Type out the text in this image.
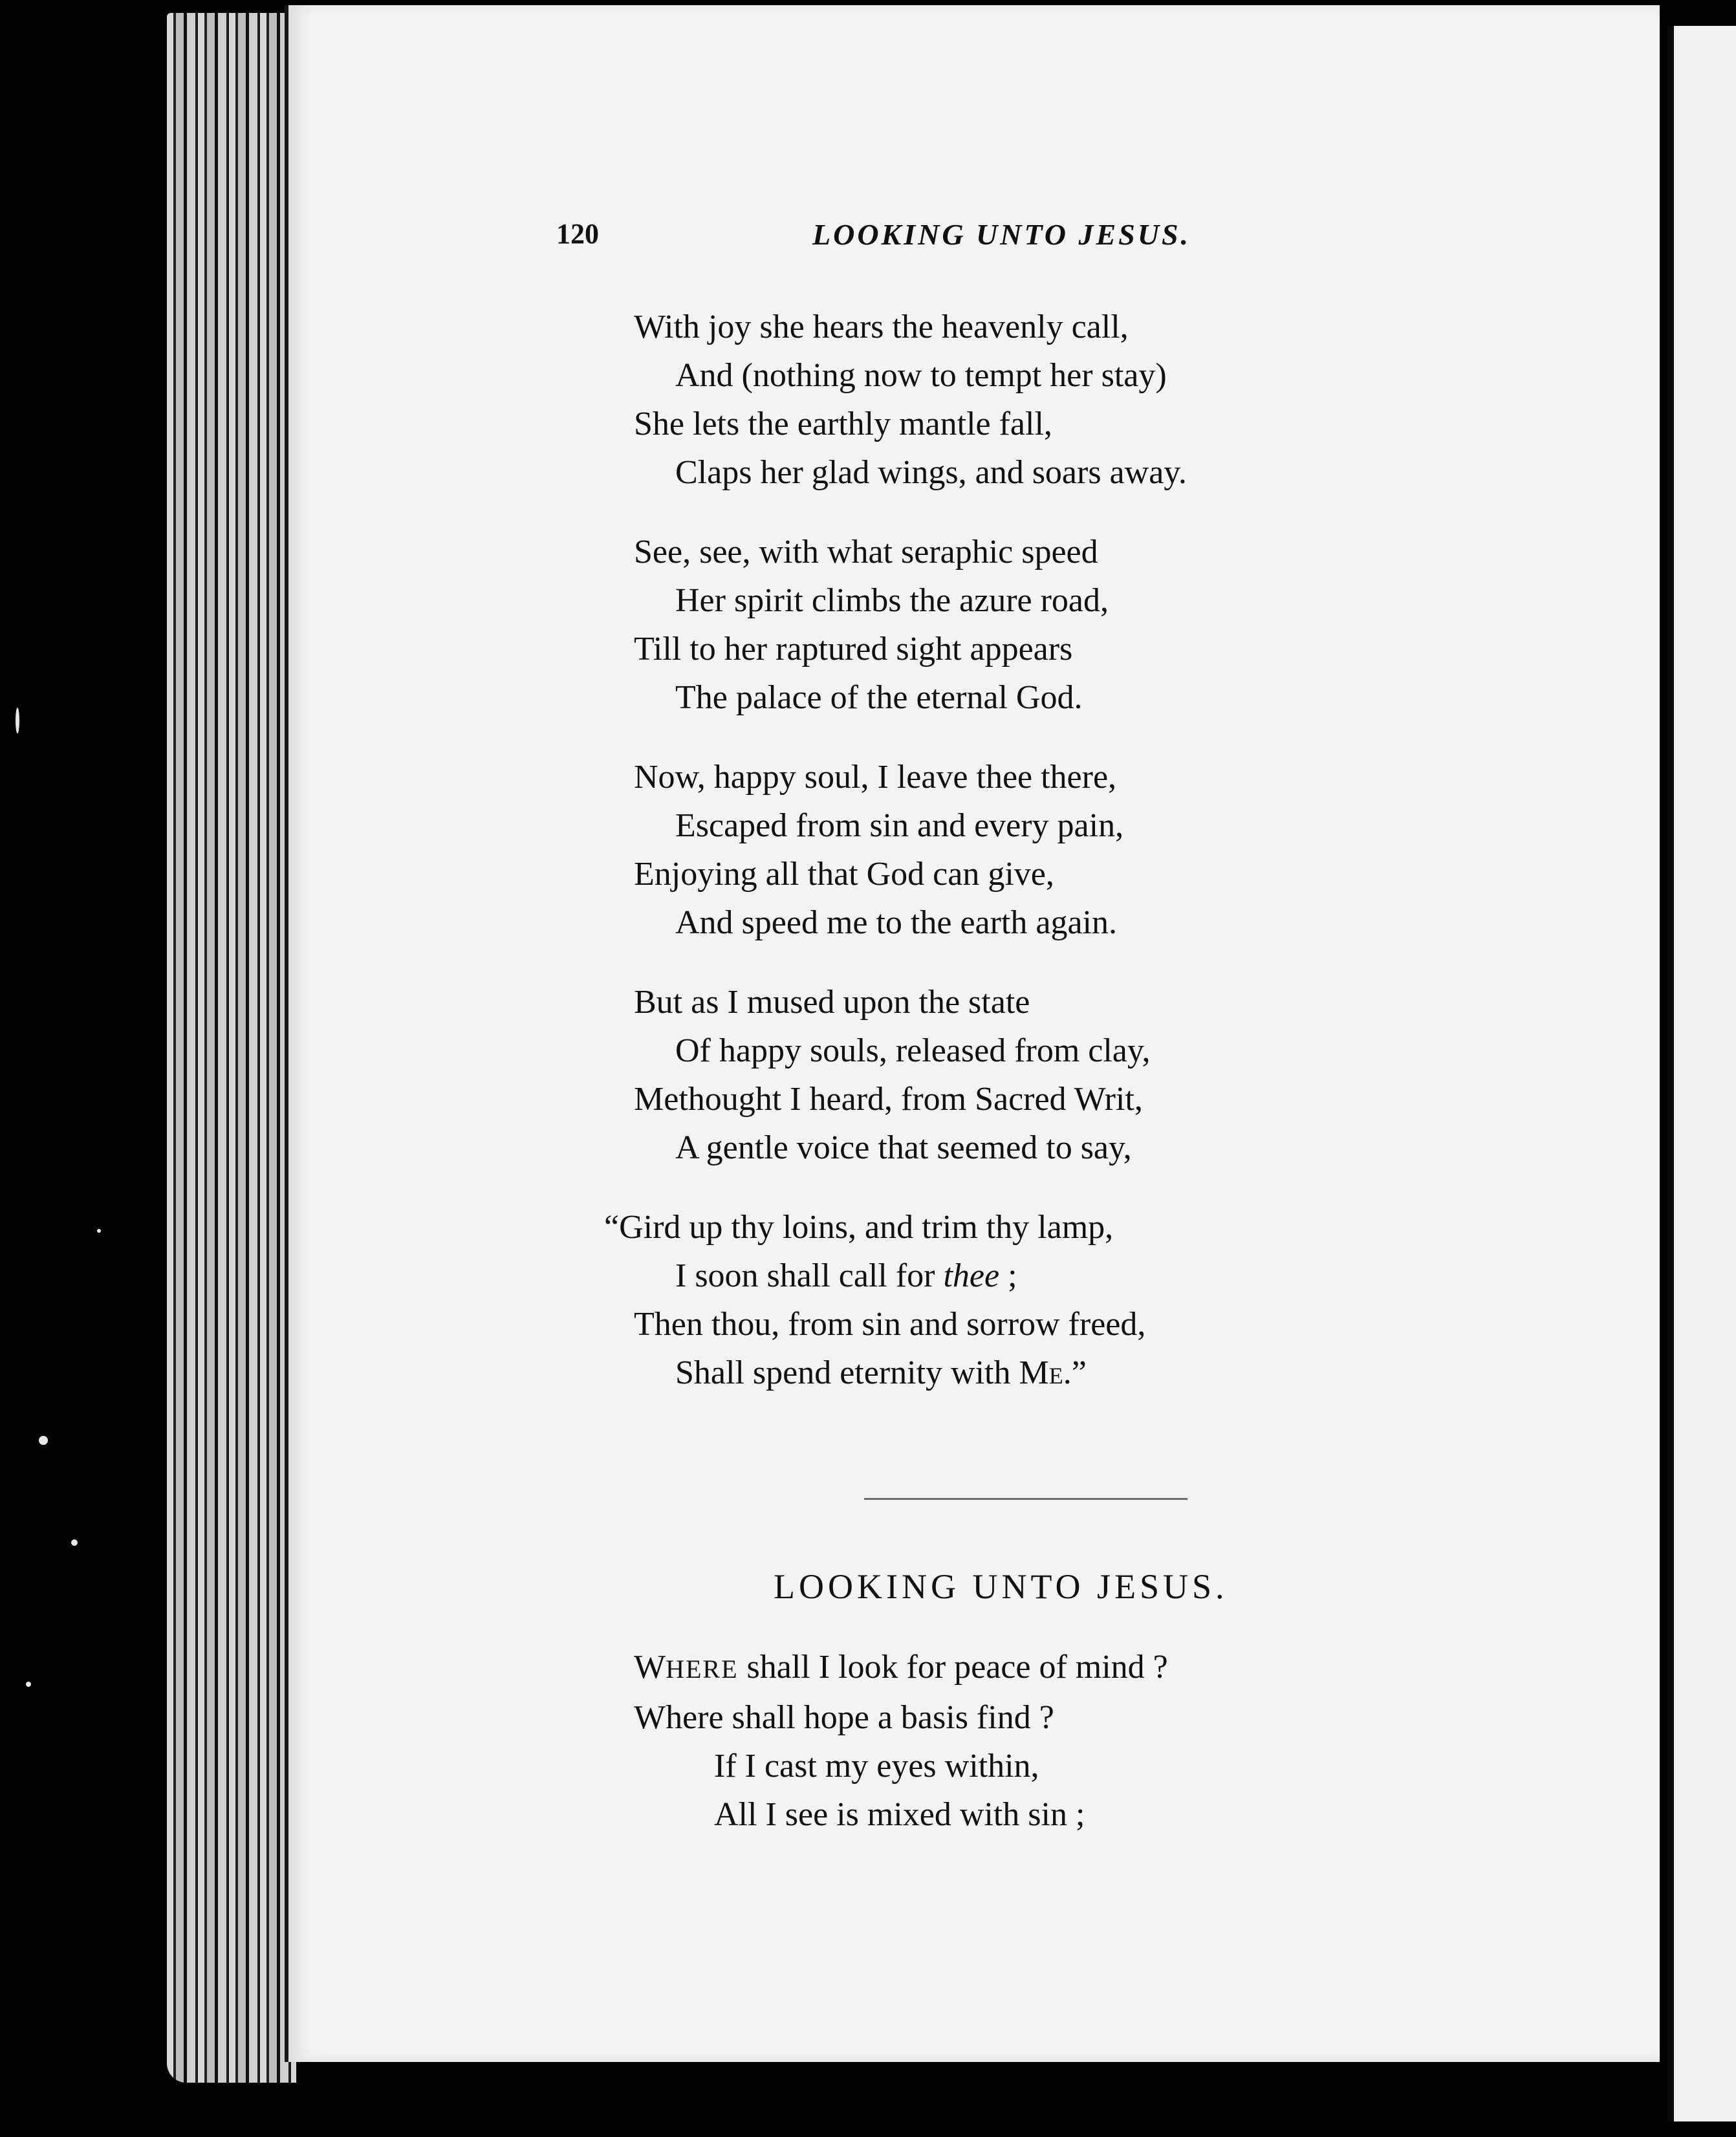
120	LOOKING UNTO JESUS.
With joy she hears the heavenly call,
And (nothing now to tempt her stay)
She lets the earthly mantle fall,
Claps her glad wings, and soars away.
See, see, with what seraphic speed
Her spirit climbs the azure road,
Till to her raptured sight appears
The palace of the eternal God.
Now, happy soul, I leave thee there,
Escaped from sin and every pain,
Enjoying all that God can give,
And speed me to the earth again.
But as I mused upon the state
Of happy souls, released from clay,
Methought I heard, from Sacred Writ,
A gentle voice that seemed to say,
“Gird up thy loins, and trim thy lamp,
I soon shall call for thee ;
Then thou, from sin and sorrow freed,
Shall spend eternity with Me.”
LOOKING UNTO JESUS.
WHERE shall I look for peace of mind ?
Where shall hope a basis find ?
If I cast my eyes within,
All I see is mixed with sin ;
